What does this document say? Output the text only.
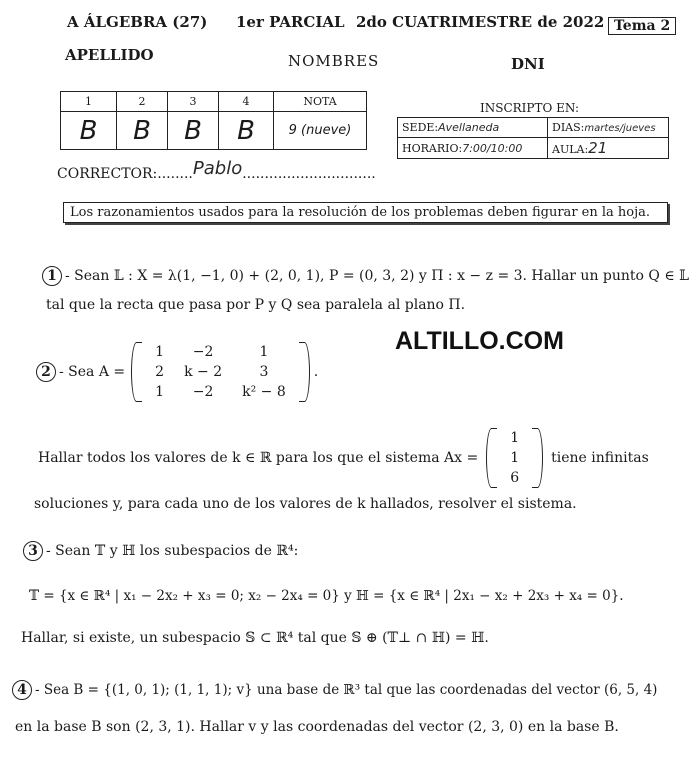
A ÁLGEBRA (27) 1er PARCIAL 2do CUATRIMESTRE de 2022 Tema 2
APELLIDO	NOMBRES	DNI
1	2	3	4	NOTA
B	B	B	B	9 (nueve)
INSCRIPTO EN:
SEDE:Avellaneda	DIAS:martes/jueves
HORARIO:7:00/10:00	AULA:21
CORRECTOR:........Pablo..............................
Los razonamientos usados para la resolución de los problemas deben figurar en la hoja.
1 - Sean 𝕃 : X = λ(1, −1, 0) + (2, 0, 1), P = (0, 3, 2) y Π : x − z = 3. Hallar un punto Q ∈ 𝕃
tal que la recta que pasa por P y Q sea paralela al plano Π.
ALTILLO.COM
2 - Sea A =
1	−2	1
2	k − 2	3
1	−2	k² − 8
.
Hallar todos los valores de k ∈ ℝ para los que el sistema Ax =
1
1
6
tiene infinitas
soluciones y, para cada uno de los valores de k hallados, resolver el sistema.
3 - Sean 𝕋 y ℍ los subespacios de ℝ⁴:
𝕋 = {x ∈ ℝ⁴ | x₁ − 2x₂ + x₃ = 0; x₂ − 2x₄ = 0} y ℍ = {x ∈ ℝ⁴ | 2x₁ − x₂ + 2x₃ + x₄ = 0}.
Hallar, si existe, un subespacio 𝕊 ⊂ ℝ⁴ tal que 𝕊 ⊕ (𝕋⊥ ∩ ℍ) = ℍ.
4 - Sea B = {(1, 0, 1); (1, 1, 1); v} una base de ℝ³ tal que las coordenadas del vector (6, 5, 4)
en la base B son (2, 3, 1). Hallar v y las coordenadas del vector (2, 3, 0) en la base B.
